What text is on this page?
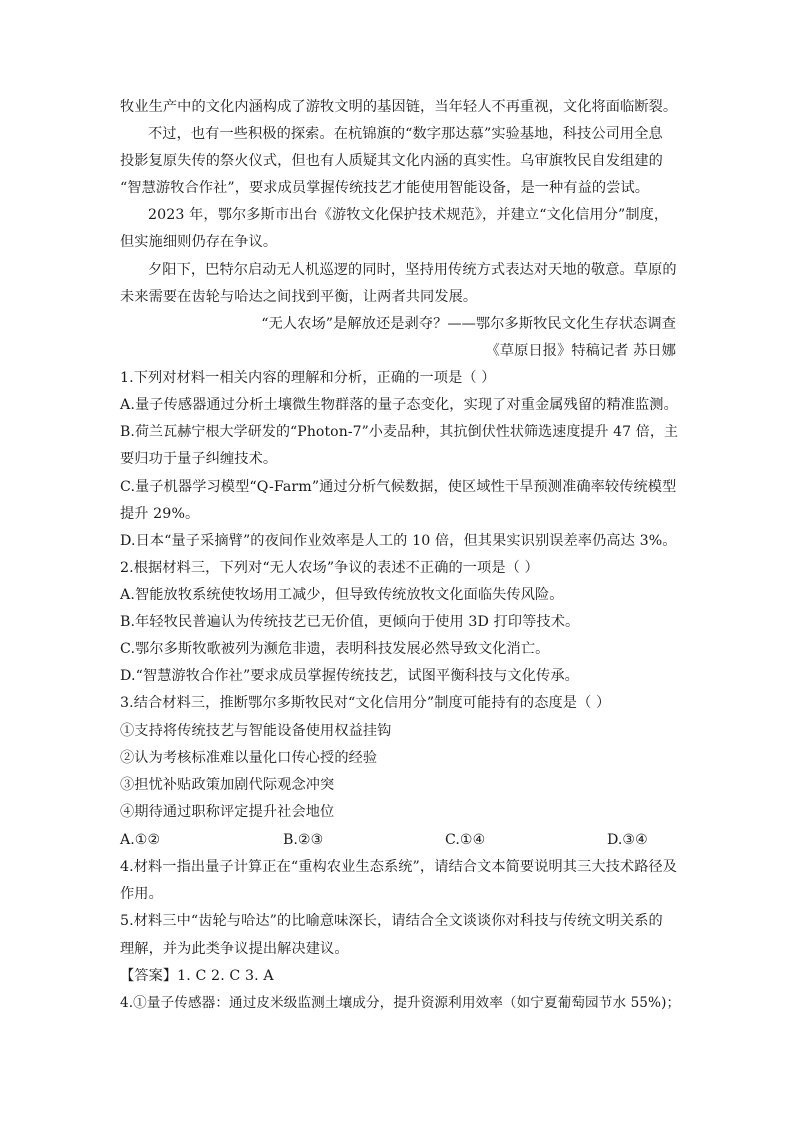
牧业生产中的文化内涵构成了游牧文明的基因链，当年轻人不再重视，文化将面临断裂。
不过，也有一些积极的探索。在杭锦旗的“数字那达慕”实验基地，科技公司用全息
投影复原失传的祭火仪式，但也有人质疑其文化内涵的真实性。乌审旗牧民自发组建的
“智慧游牧合作社”，要求成员掌握传统技艺才能使用智能设备，是一种有益的尝试。
2023 年，鄂尔多斯市出台《游牧文化保护技术规范》，并建立“文化信用分”制度，
但实施细则仍存在争议。
夕阳下，巴特尔启动无人机巡逻的同时，坚持用传统方式表达对天地的敬意。草原的
未来需要在齿轮与哈达之间找到平衡，让两者共同发展。
“无人农场”是解放还是剥夺？——鄂尔多斯牧民文化生存状态调查
《草原日报》特稿记者 苏日娜
1.下列对材料一相关内容的理解和分析，正确的一项是（ ）
A.量子传感器通过分析土壤微生物群落的量子态变化，实现了对重金属残留的精准监测。
B.荷兰瓦赫宁根大学研发的“Photon-7”小麦品种，其抗倒伏性状筛选速度提升 47 倍，主
要归功于量子纠缠技术。
C.量子机器学习模型“Q-Farm”通过分析气候数据，使区域性干旱预测准确率较传统模型
提升 29%。
D.日本“量子采摘臂”的夜间作业效率是人工的 10 倍，但其果实识别误差率仍高达 3%。
2.根据材料三，下列对“无人农场”争议的表述不正确的一项是（ ）
A.智能放牧系统使牧场用工减少，但导致传统放牧文化面临失传风险。
B.年轻牧民普遍认为传统技艺已无价值，更倾向于使用 3D 打印等技术。
C.鄂尔多斯牧歌被列为濒危非遗，表明科技发展必然导致文化消亡。
D.“智慧游牧合作社”要求成员掌握传统技艺，试图平衡科技与文化传承。
3.结合材料三，推断鄂尔多斯牧民对“文化信用分”制度可能持有的态度是（ ）
①支持将传统技艺与智能设备使用权益挂钩
②认为考核标准难以量化口传心授的经验
③担忧补贴政策加剧代际观念冲突
④期待通过职称评定提升社会地位
A.①②	B.②③	C.①④	D.③④
4.材料一指出量子计算正在“重构农业生态系统”，请结合文本简要说明其三大技术路径及
作用。
5.材料三中“齿轮与哈达”的比喻意味深长，请结合全文谈谈你对科技与传统文明关系的
理解，并为此类争议提出解决建议。
【答案】1. C 2. C 3. A
4.①量子传感器：通过皮米级监测土壤成分，提升资源利用效率（如宁夏葡萄园节水 55%)；
